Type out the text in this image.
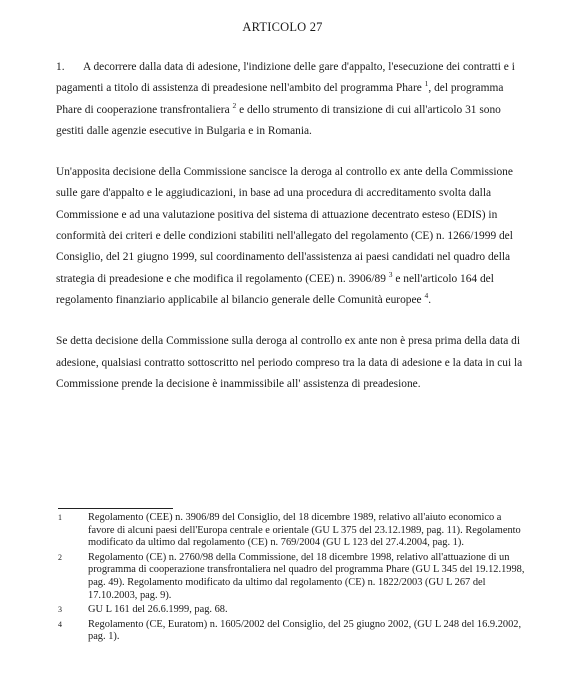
ARTICOLO 27

1. A decorrere dalla data di adesione, l'indizione delle gare d'appalto, l'esecuzione dei contratti e i pagamenti a titolo di assistenza di preadesione nell'ambito del programma Phare $^1$, del programma Phare di cooperazione transfrontaliera $^2$ e dello strumento di transizione di cui all'articolo 31 sono gestiti dalle agenzie esecutive in Bulgaria e in Romania.

Un'apposita decisione della Commissione sancisce la deroga al controllo ex ante della Commissione sulle gare d'appalto e le aggiudicazioni, in base ad una procedura di accreditamento svolta dalla Commissione e ad una valutazione positiva del sistema di attuazione decentrato esteso (EDIS) in conformità dei criteri e delle condizioni stabiliti nell'allegato del regolamento (CE) n. 1266/1999 del Consiglio, del 21 giugno 1999, sul coordinamento dell'assistenza ai paesi candidati nel quadro della strategia di preadesione e che modifica il regolamento (CEE) n. 3906/89 $^3$ e nell'articolo 164 del regolamento finanziario applicabile al bilancio generale delle Comunità europee $^4$.

Se detta decisione della Commissione sulla deroga al controllo ex ante non è presa prima della data di adesione, qualsiasi contratto sottoscritto nel periodo compreso tra la data di adesione e la data in cui la Commissione prende la decisione è inammissibile all' assistenza di preadesione.

1	Regolamento (CEE) n. 3906/89 del Consiglio, del 18 dicembre 1989, relativo all'aiuto economico a favore di alcuni paesi dell'Europa centrale e orientale (GU L 375 del 23.12.1989, pag. 11). Regolamento modificato da ultimo dal regolamento (CE) n. 769/2004 (GU L 123 del 27.4.2004, pag. 1).
2	Regolamento (CE) n. 2760/98 della Commissione, del 18 dicembre 1998, relativo all'attuazione di un programma di cooperazione transfrontaliera nel quadro del programma Phare (GU L 345 del 19.12.1998, pag. 49). Regolamento modificato da ultimo dal regolamento (CE) n. 1822/2003 (GU L 267 del 17.10.2003, pag. 9).
3	GU L 161 del 26.6.1999, pag. 68.
4	Regolamento (CE, Euratom) n. 1605/2002 del Consiglio, del 25 giugno 2002, (GU L 248 del 16.9.2002, pag. 1).
